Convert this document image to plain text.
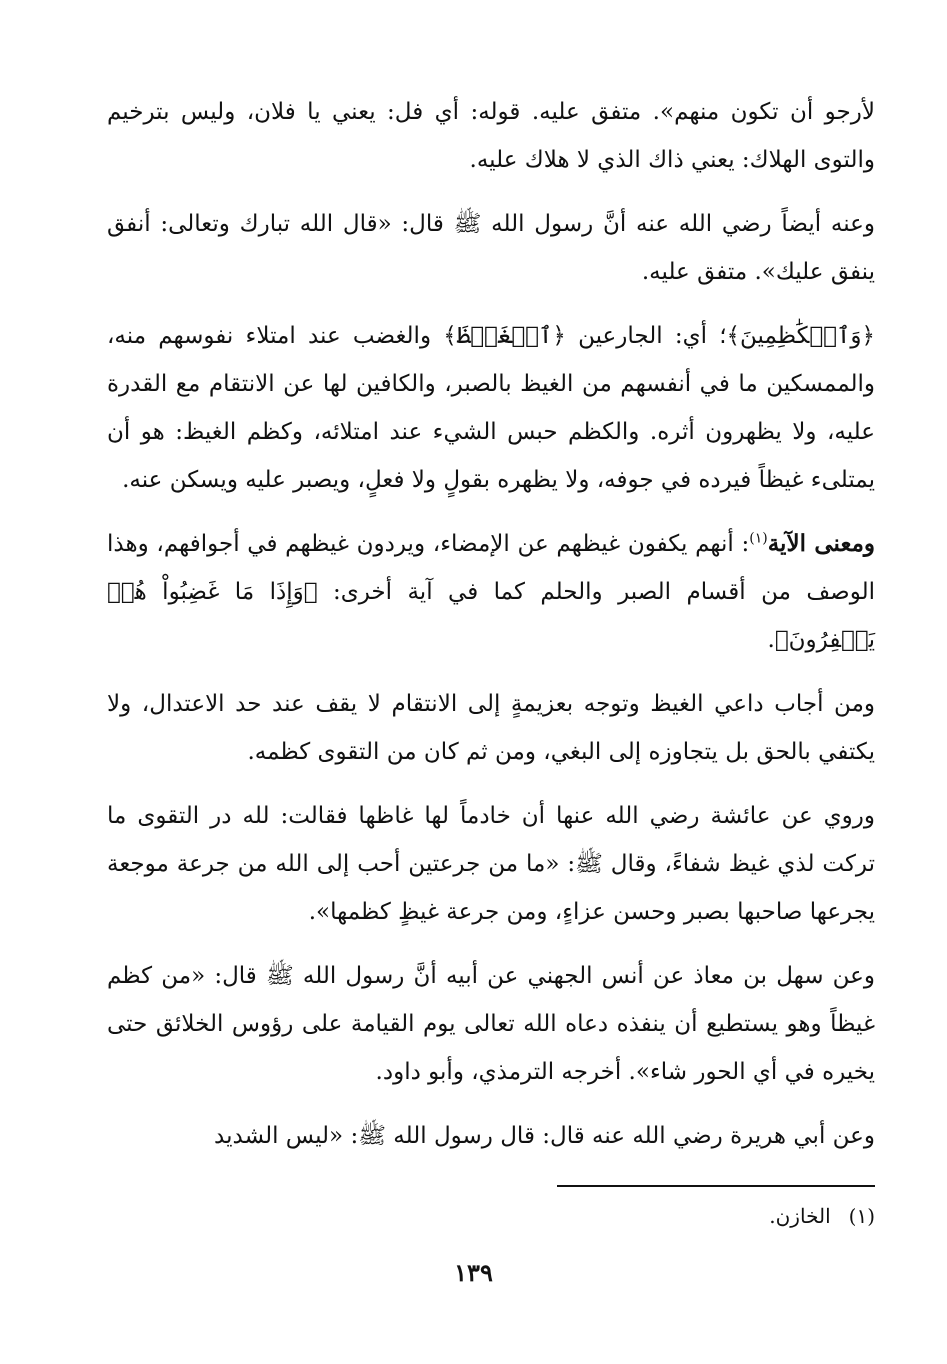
لأرجو أن تكون منهم». متفق عليه. قوله: أي فل: يعني يا فلان، وليس بترخيم والتوى الهلاك: يعني ذاك الذي لا هلاك عليه.

وعنه أيضاً رضي الله عنه أنَّ رسول الله ﷺ قال: «قال الله تبارك وتعالى: أنفق ينفق عليك». متفق عليه.

﴿وَٱلۡكَٰظِمِينَ﴾؛ أي: الجارعين ﴿ٱلۡغَيۡظَ﴾ والغضب عند امتلاء نفوسهم منه، والممسكين ما في أنفسهم من الغيظ بالصبر، والكافين لها عن الانتقام مع القدرة عليه، ولا يظهرون أثره. والكظم حبس الشيء عند امتلائه، وكظم الغيظ: هو أن يمتلىء غيظاً فيرده في جوفه، ولا يظهره بقولٍ ولا فعلٍ، ويصبر عليه ويسكن عنه.

ومعنى الآية$^{(١)}$: أنهم يكفون غيظهم عن الإمضاء، ويردون غيظهم في أجوافهم، وهذا الوصف من أقسام الصبر والحلم كما في آية أخرى: ﴿وَإِذَا مَا غَضِبُواْ هُمۡ يَغۡفِرُونَ﴾.

ومن أجاب داعي الغيظ وتوجه بعزيمةٍ إلى الانتقام لا يقف عند حد الاعتدال، ولا يكتفي بالحق بل يتجاوزه إلى البغي، ومن ثم كان من التقوى كظمه.

وروي عن عائشة رضي الله عنها أن خادماً لها غاظها فقالت: لله در التقوى ما تركت لذي غيظ شفاءً، وقال ﷺ: «ما من جرعتين أحب إلى الله من جرعة موجعة يجرعها صاحبها بصبر وحسن عزاءٍ، ومن جرعة غيظٍ كظمها».

وعن سهل بن معاذ عن أنس الجهني عن أبيه أنَّ رسول الله ﷺ قال: «من كظم غيظاً وهو يستطيع أن ينفذه دعاه الله تعالى يوم القيامة على رؤوس الخلائق حتى يخيره في أي الحور شاء». أخرجه الترمذي، وأبو داود.

وعن أبي هريرة رضي الله عنه قال: قال رسول الله ﷺ: «ليس الشديد

(١)الخازن.
١٣٩
